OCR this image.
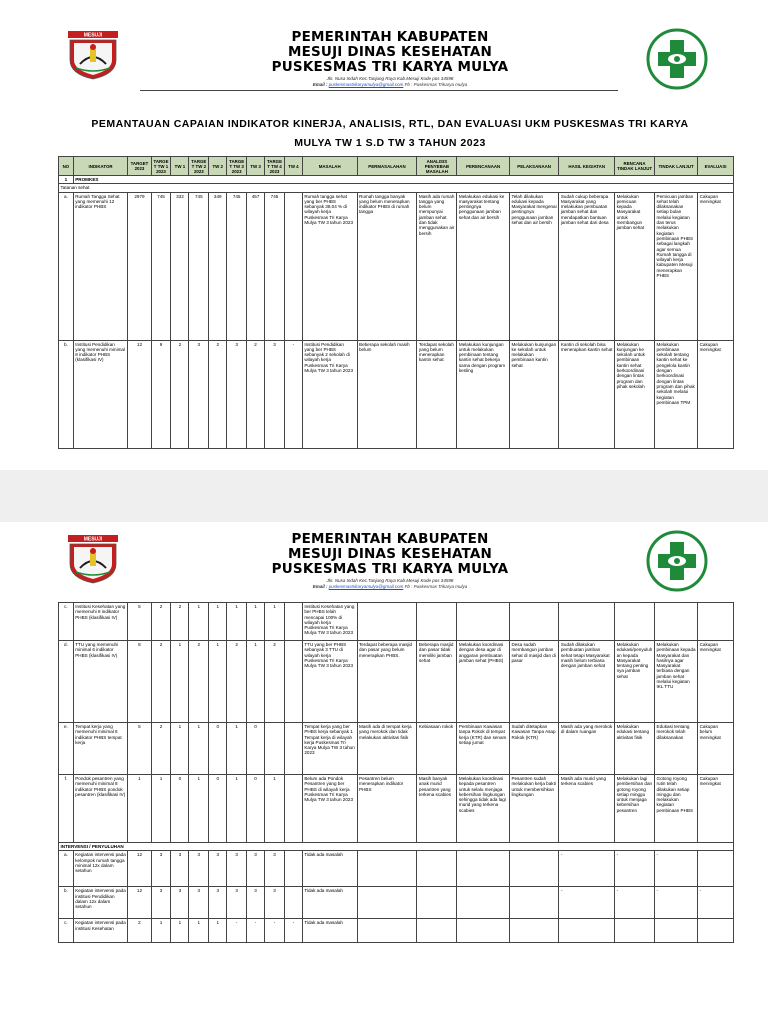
MESUJI	PEMERINTAH KABUPATEN
MESUJI DINAS KESEHATAN
PUSKESMAS TRI KARYA MULYA
Jln. Nusa Indah Kec.Tanjung Raya Kab.Mesuji Kode pos 34598
Email : puskesmastrikaryamulya@gmail.com Fb : Puskesmas Trikarya mulya
PEMANTAUAN CAPAIAN INDIKATOR KINERJA, ANALISIS, RTL, DAN EVALUASI UKM PUSKESMAS TRI KARYA
MULYA TW 1 S.D TW 3 TAHUN 2023
NO	INDIKATOR	TARGET 2023	TARGET TW 1 2023	TW 1	TARGET TW 2 2023	TW 2	TARGET TW 3 2023	TW 3	TARGET TW 4 2023	TW 4	MASALAH	PERMASALAHAN	ANALISIS PENYEBAB MASALAH	PERENCANAAN	PELAKSANAAN	HASIL KEGIATAN	RENCANA TINDAK LANJUT	TINDAK LANJUT	EVALUASI
1	PROMKES																		
Tatanan sehat																			
a.	Rumah Tangga Sehat yang memenuhi 12 indikator PHBS	2979	745	332	745	349	745	457	745		Rumah tangga sehat yang ber PHBS sebanyak 38.04 % di wilayah kerja Puskesmas Tri Karya Mulya TW 3 tahun 2023	Rumah tangga banyak yang belum menerapkan indikator PHBS di rumah tangga	Masih ada rumah tangga yang belum mempunyai jamban sehat dan tidak menggunakan air bersih	Melakukan edukasi ke masyarakat tentang pentingnya penggunaan jamban sehat dan air bersih	Telah dilakukan edukasi kepada Masyarakat mengenai pentingnya penggunaan jamban sehat dan air bersih	Sudah cukup beberapa Masyarakat yang melakukan pembuatan jamban sehat dan mendapatkan bantuan jamban sehat dari desa	Melakukan pemicuan kepada Masyarakat untuk membangun jamban sehat	Pemicuan jamban sehat telah dilaksanakan setiap bulan melalui kegiatan dan terus melakukan kegiatan pembinaan PHBS sebagai langkah agar semua Rumah tangga di wilayah kerja kabupaten Mesuji menerapkan PHBS	Cakupan meningkat
b.	Institusi Pendidikan yang memenuhi minimal 8 indikator PHBS (klasifikasi IV)	12	9	2	3	2	3	2	3	-	Institusi Pendidikan yang ber PHBS sebanyak 2 sekolah di wilayah kerja Puskesmas Tri Karya Mulya TW 3 tahun 2023	Beberapa sekolah masih belum	Terdapat sekolah yang belum menerapkan kantin sehat	Melakukan kunjungan untuk melakukan pembinaan tentang kantin sehat bekerja sama dengan program kesling	Melakukan kunjungan ke sekolah untuk melakukan pembinaan kantin sehat	Kantin di sekolah bisa menerapkan kantin sehat	Melakukan kunjungan ke sekolah untuk pembinaan kantin sehat berkoordinasi dengan lintas program dan pihak sekolah	Melakukan pembinaan sekolah tentang kantin sehat ke pengelola kantin dengan berkoordinasi dengan lintas program dan pihak sekolah melalui kegiatan pembinaan TPM	Cakupan meningkat
MESUJI	PEMERINTAH KABUPATEN
MESUJI DINAS KESEHATAN
PUSKESMAS TRI KARYA MULYA
Jln. Nusa Indah Kec.Tanjung Raya Kab.Mesuji Kode pos 34598
Email : puskesmastrikaryamulya@gmail.com Fb : Puskesmas Trikarya mulya
c.	Institusi Kesehatan yang memenuhi 8 indikator PHBS (klasifikasi IV)	5	2	2	1	1	1	1	1		Institusi Kesehatan yang ber PHBS telah mencapai 100% di wilayah kerja Puskesmas Tri Karya Mulya TW 3 tahun 2023								
d.	TTU yang memenuhi minimal 6 indikator PHBS (klasifikasi IV)	8	2	1	2	1	2	1	2		TTU yang ber PHBS sebanyak 3 TTU di wilayah kerja Puskesmas Tri Karya Mulya TW 3 tahun 2023	Terdapat beberapa masjid dan pasar yang belum menerapkan PHBS.	Beberapa masjid dan pasar tidak memiliki jamban sehat	Melakukan koordinasi dengan desa agar di anggaran pembuatan jamban sehat (PHBS)	Desa sudah membangun jamban sehat di masjid dan di pasar	Sudah dilakukan pembuatan jamban sehat tetapi Masyarakat masih belum terbiasa dengan jamban sehat	Melakukan edukasi/penyuluhan kepada Masyarakat tentang penting nya jamban sehat	Melakukan pembinaan kepada Masyarakat dan hasilnya agar Masyarakat terbiasa dengan jamban sehat melalui kegiatan IKL TTU	Cakupan meningkat
e.	Tempat kerja yang memenuhi minimal 6 indikator PHBS tempat kerja	5	2	1	1	0	1	0			Tempat kerja yang ber PHBS kerja sebanyak 1 Tempat kerja di wilayah kerja Puskesmas Tri Karya Mulya TW 3 tahun 2023	Masih ada di tempat kerja yang merokok dan tidak melakukan aktivitas fisik	Kebiasaan rokok	Pembinaan Kawasan tanpa Rokok di tempat kerja (KTR) dan senam setiap jumat	Sudah ditetapkan Kawasan Tanpa Asap Rokok (KTR)	Masih ada yang merokok di dalam ruangan	Melakukan edukasi tentang aktivitas fisik	Edukasi tentang merokok telah dilaksanakan	Cakupan belum meningkat
f.	Pondok pesantren yang memenuhi minimal 8 indikator PHBS pondok pesantren (klasifikasi IV)	1	1	0	1	0	1	0	1		Belum ada Pondok Pesantren yang ber PHBS di wilayah kerja Puskesmas Tri Karya Mulya TW 3 tahun 2023	Pesantren belum menerapkan indikator PHBS	Masih banyak anak murid pesantren yang terkena scabies	Melakukan koordinasi kepada pesantren untuk selalu menjaga kebersihan lingkungan sehingga tidak ada lagi murid yang terkena scabies	Pesantren sudah melakukan kerja bakti untuk membersihkan lingkungan	Masih ada murid yang terkena scabies	Melakukan lagi pembersihan dan gotong royong setiap minggu untuk menjaga kebersihan pesantren	Gotong royong rutin telah dilakukan setiap minggu dan melakukan kegiatan pembinaan PHBS	Cakupan meningkat
INTERVENSI / PENYULUHAN																			
a.	Kegiatan intervensi pada kelompok rumah tangga minimal 12x dalam setahun	12	3	3	3	3	3	3	3		Tidak ada masalah					-	-	-	
b.	Kegiatan intervensi pada institusi Pendidikan dalam 12x dalam setahun	12	3	3	3	3	3	3	3		Tidak ada masalah					-	-	-	-
c.	Kegiatan intervensi pada institusi Kesehatan	2	1	1	1	1	-	-	-	-	Tidak ada masalah								
